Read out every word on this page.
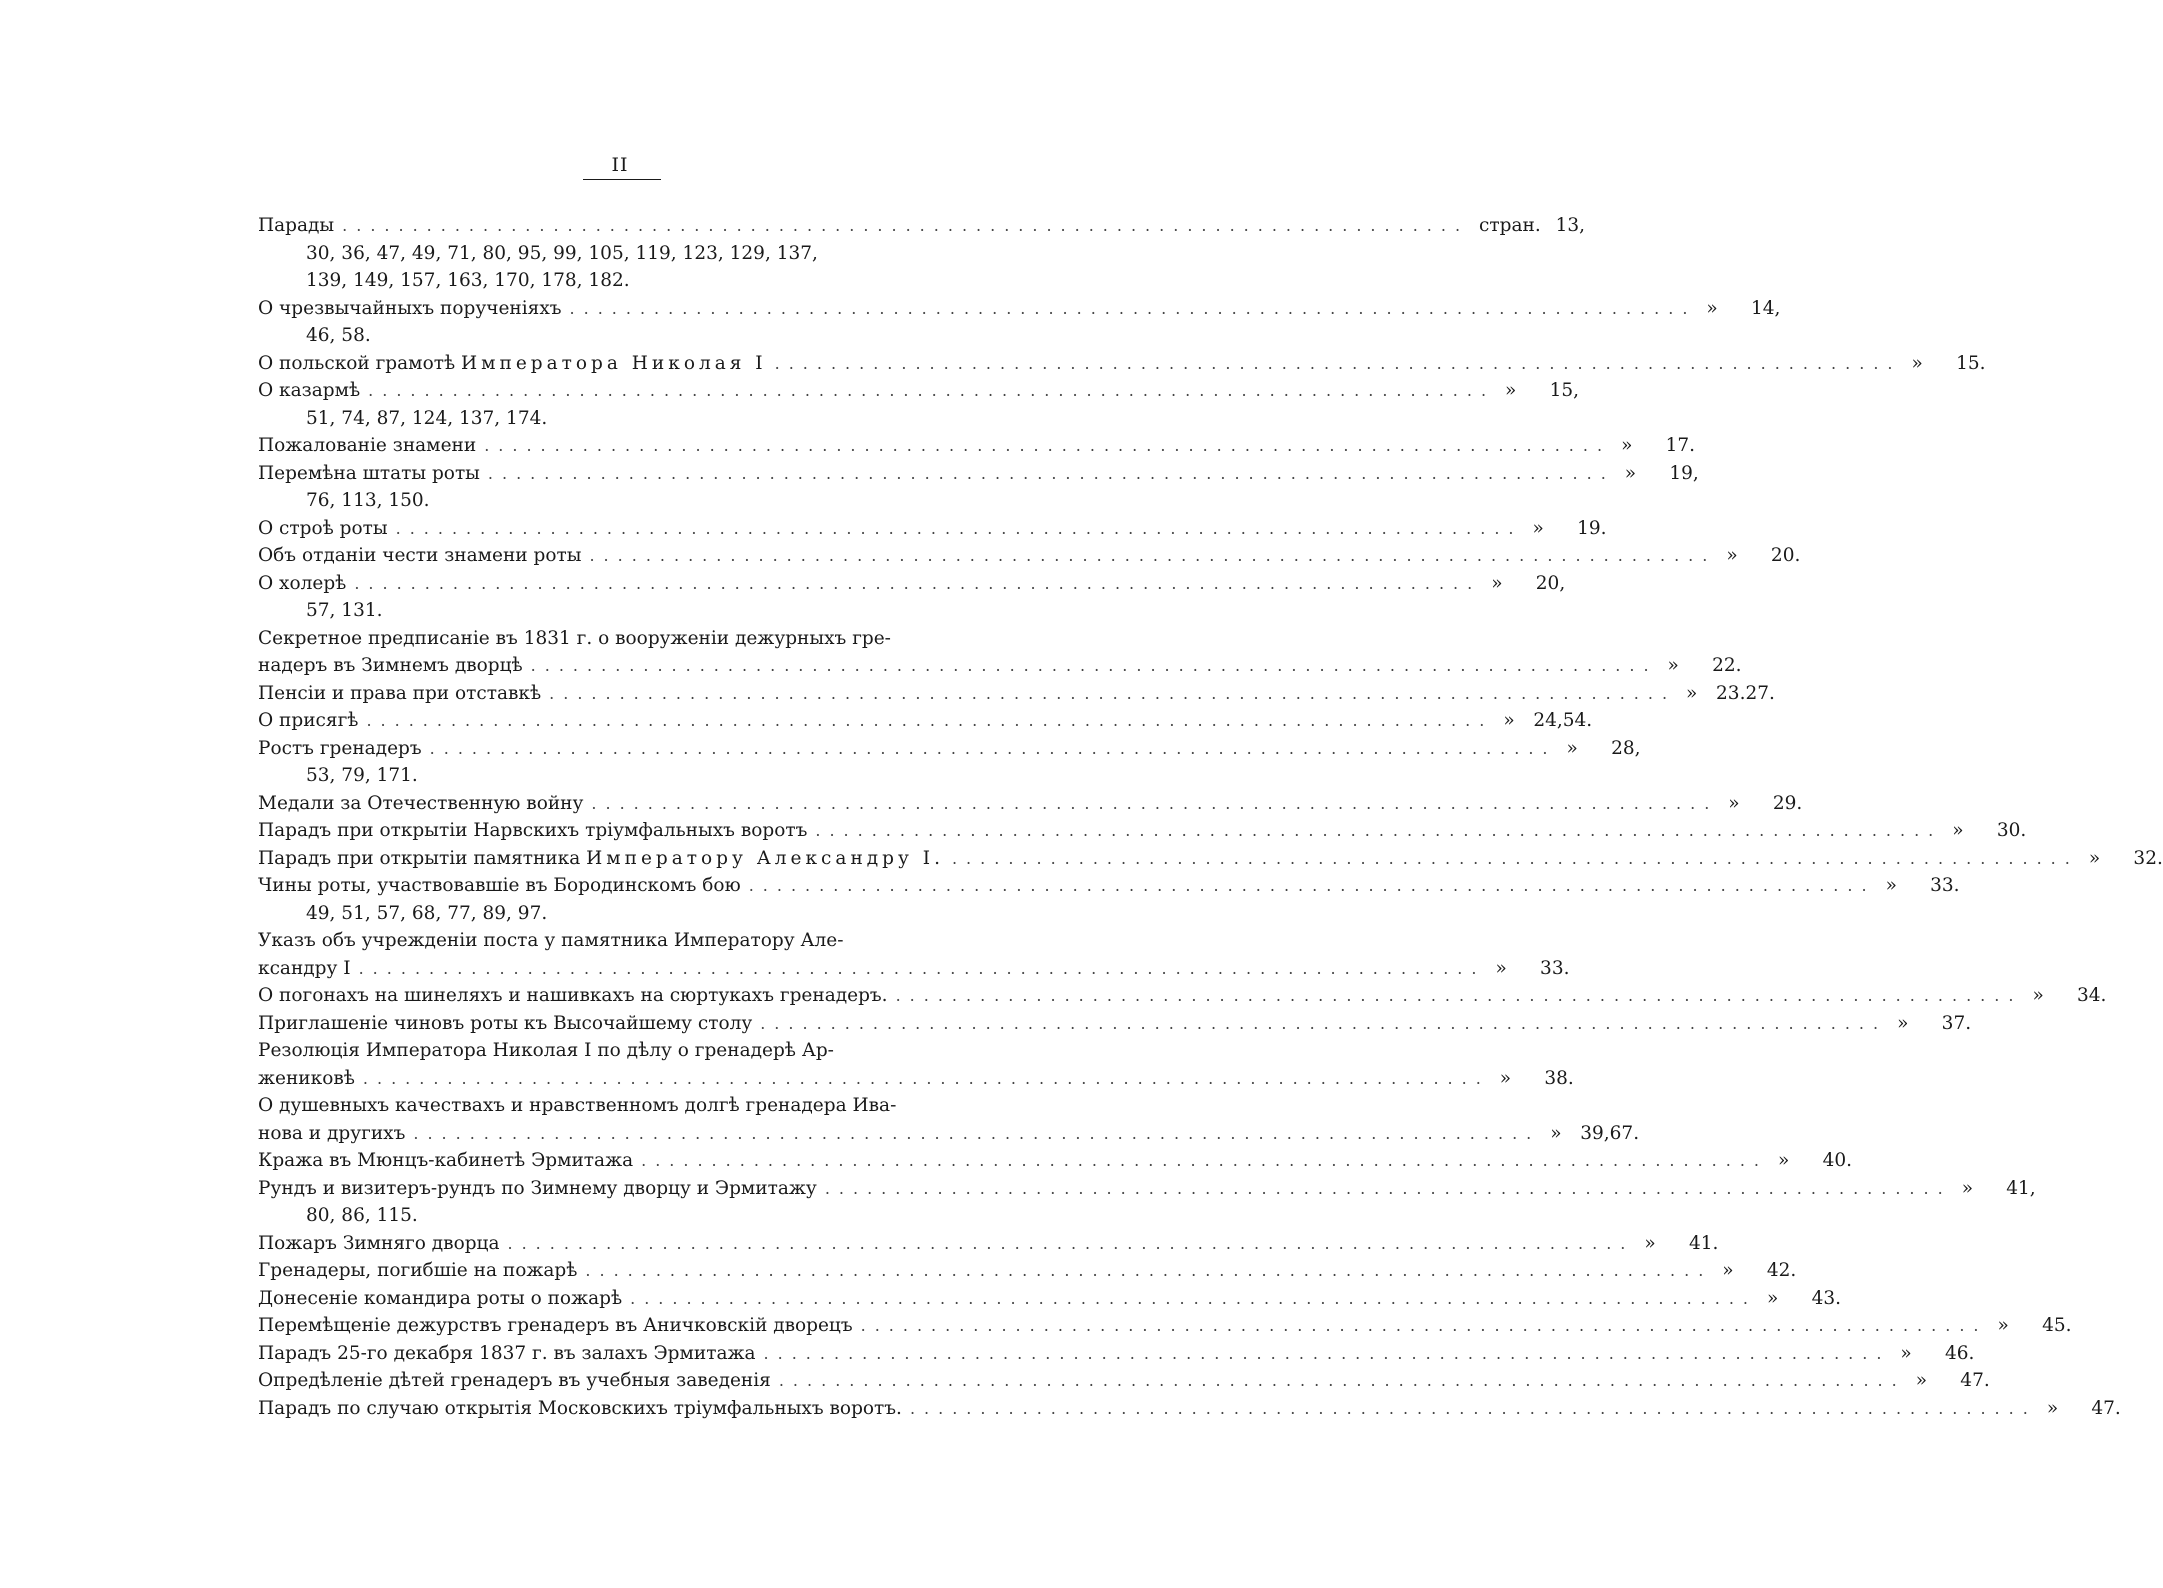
II
Парады ................................................................................ стран. 13,
30, 36, 47, 49, 71, 80, 95, 99, 105, 119, 123, 129, 137,
139, 149, 157, 163, 170, 178, 182.
О чрезвычайныхъ порученіяхъ ................................................................................ »	14,
46, 58.
О польской грамотѣ Императора Николая I ................................................................................ »	15.
О казармѣ ................................................................................ »	15,
51, 74, 87, 124, 137, 174.
Пожалованіе знамени ................................................................................ »	17.
Перемѣна штаты роты ................................................................................ »	19,
76, 113, 150.
О строѣ роты ................................................................................ »	19.
Объ отданіи чести знамени роты ................................................................................ »	20.
О холерѣ ................................................................................ »	20,
57, 131.
Секретное предписаніе въ 1831 г. о вооруженіи дежурныхъ гре-
надеръ въ Зимнемъ дворцѣ ................................................................................ »	22.
Пенсіи и права при отставкѣ ................................................................................ »	23.27.
О присягѣ ................................................................................ »	24,54.
Ростъ гренадеръ ................................................................................ »	28,
53, 79, 171.
Медали за Отечественную войну ................................................................................ »	29.
Парадъ при открытіи Нарвскихъ тріумфальныхъ воротъ ................................................................................ »	30.
Парадъ при открытіи памятника Императору Александру I. ................................................................................ »	32.
Чины роты, участвовавшіе въ Бородинскомъ бою ................................................................................ »	33.
49, 51, 57, 68, 77, 89, 97.
Указъ объ учрежденіи поста у памятника Императору Але-
ксандру I ................................................................................ »	33.
О погонахъ на шинеляхъ и нашивкахъ на сюртукахъ гренадеръ. ................................................................................ »	34.
Приглашеніе чиновъ роты къ Высочайшему столу ................................................................................ »	37.
Резолюція Императора Николая I по дѣлу о гренадерѣ Ар-
жениковѣ ................................................................................ »	38.
О душевныхъ качествахъ и нравственномъ долгѣ гренадера Ива-
нова и другихъ ................................................................................ »	39,67.
Кража въ Мюнцъ-кабинетѣ Эрмитажа ................................................................................ »	40.
Рундъ и визитеръ-рундъ по Зимнему дворцу и Эрмитажу ................................................................................ »	41,
80, 86, 115.
Пожаръ Зимняго дворца ................................................................................ »	41.
Гренадеры, погибшіе на пожарѣ ................................................................................ »	42.
Донесеніе командира роты о пожарѣ ................................................................................ »	43.
Перемѣщеніе дежурствъ гренадеръ въ Аничковскій дворецъ ................................................................................ »	45.
Парадъ 25-го декабря 1837 г. въ залахъ Эрмитажа ................................................................................ »	46.
Опредѣленіе дѣтей гренадеръ въ учебныя заведенія ................................................................................ »	47.
Парадъ по случаю открытія Московскихъ тріумфальныхъ воротъ. ................................................................................ »	47.
